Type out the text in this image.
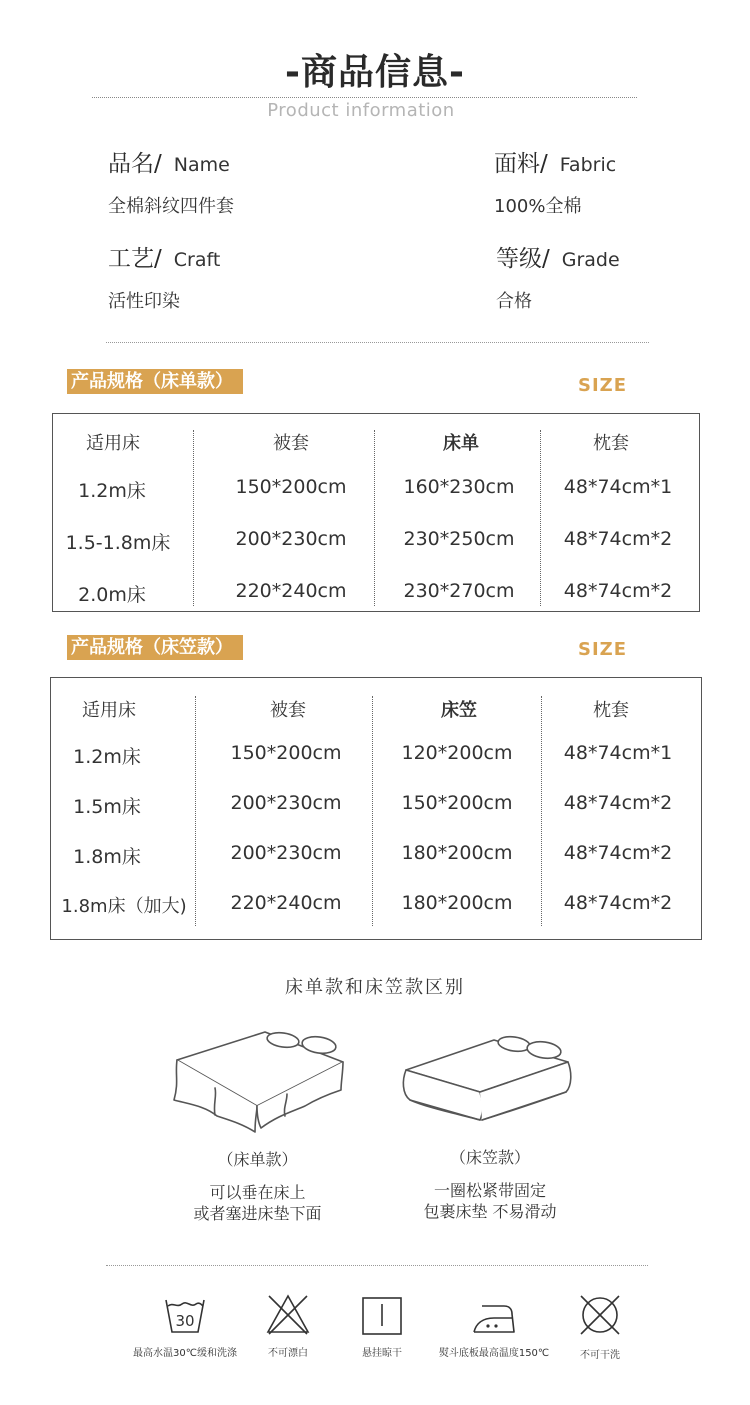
-商品信息-
Product information
品名/ Name
全棉斜纹四件套
面料/ Fabric
100%全棉
工艺/ Craft
活性印染
等级/ Grade
合格
产品规格（床单款）	SIZE
适用床	被套	床单	枕套
1.2m床	150*200cm	160*230cm	48*74cm*1
1.5-1.8m床	200*230cm	230*250cm	48*74cm*2
2.0m床	220*240cm	230*270cm	48*74cm*2
产品规格（床笠款）	SIZE
适用床	被套	床笠	枕套
1.2m床	150*200cm	120*200cm	48*74cm*1
1.5m床	200*230cm	150*200cm	48*74cm*2
1.8m床	200*230cm	180*200cm	48*74cm*2
1.8m床（加大)	220*240cm	180*200cm	48*74cm*2
床单款和床笠款区别
（床单款）
可以垂在床上
或者塞进床垫下面
（床笠款）
一圈松紧带固定
包裹床垫 不易滑动
30
最高水温30℃缓和洗涤	不可漂白	悬挂晾干	熨斗底板最高温度150℃	不可干洗
